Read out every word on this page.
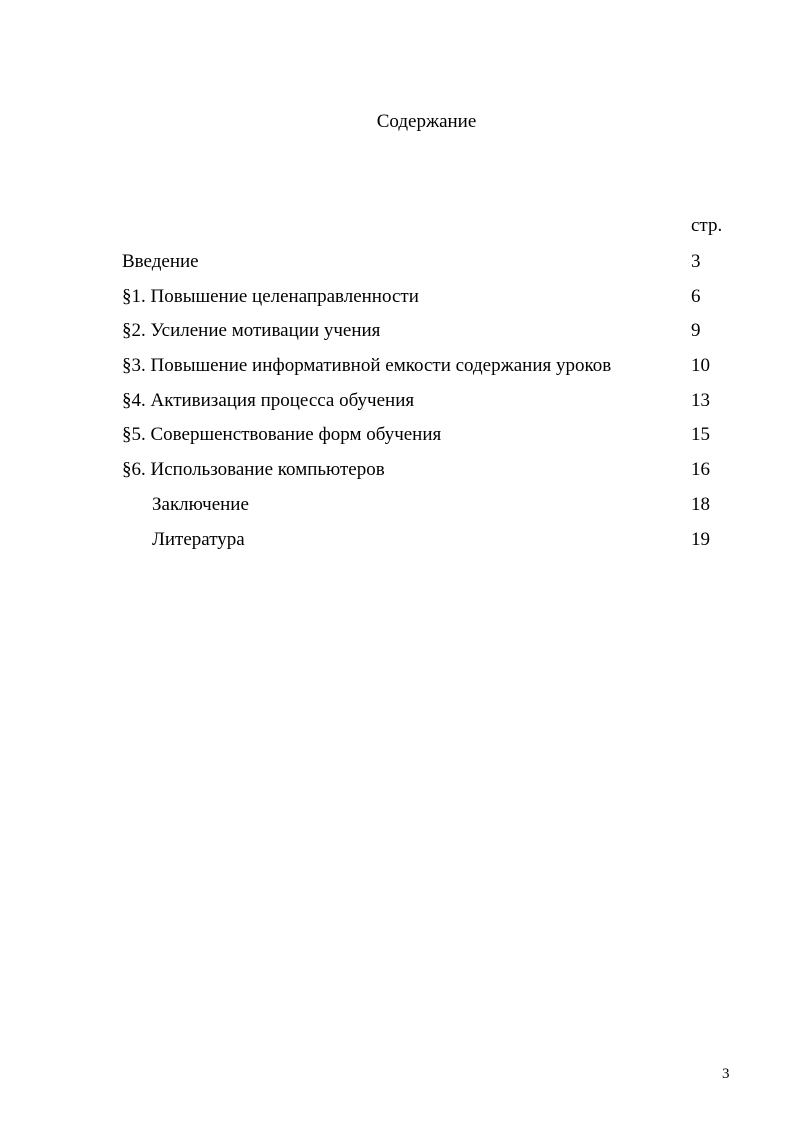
Содержание
стр.
Введение	3
§1. Повышение целенаправленности	6
§2. Усиление мотивации учения	9
§3. Повышение информативной емкости содержания уроков	10
§4. Активизация процесса обучения	13
§5. Совершенствование форм обучения	15
§6. Использование компьютеров	16
Заключение	18
Литература	19
3
